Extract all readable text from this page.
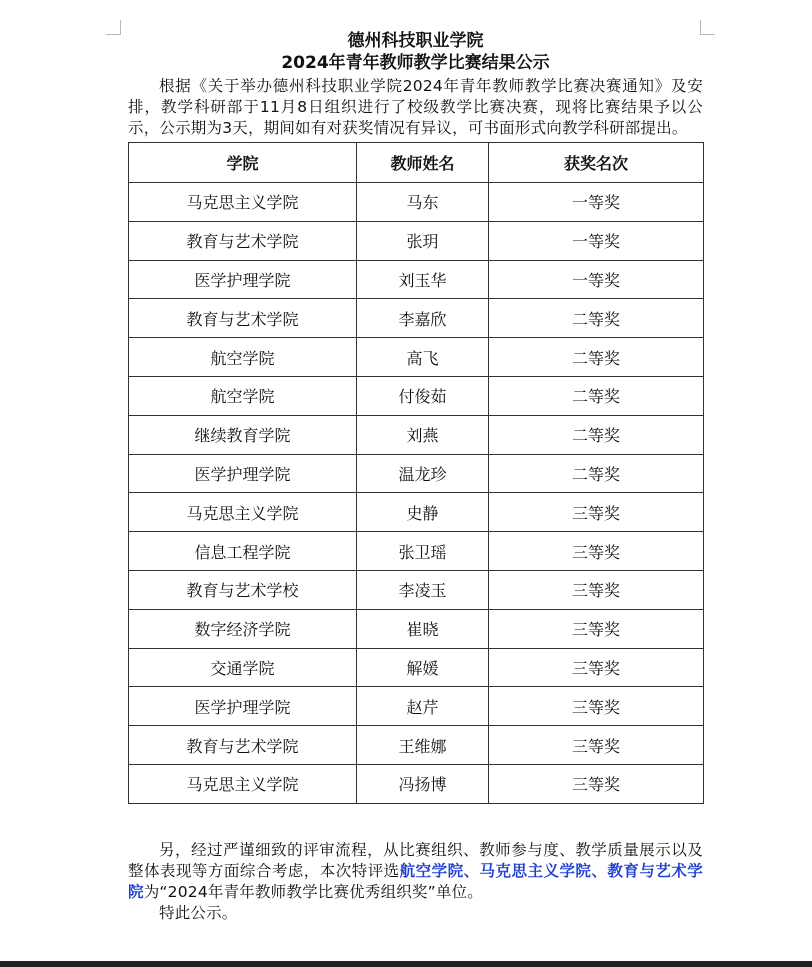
德州科技职业学院
2024年青年教师教学比赛结果公示

根据《关于举办德州科技职业学院2024年青年教师教学比赛决赛通知》及安排，教学科研部于11月8日组织进行了校级教学比赛决赛，现将比赛结果予以公示，公示期为3天，期间如有对获奖情况有异议，可书面形式向教学科研部提出。

学院	教师姓名	获奖名次
马克思主义学院	马东	一等奖
教育与艺术学院	张玥	一等奖
医学护理学院	刘玉华	一等奖
教育与艺术学院	李嘉欣	二等奖
航空学院	高飞	二等奖
航空学院	付俊茹	二等奖
继续教育学院	刘燕	二等奖
医学护理学院	温龙珍	二等奖
马克思主义学院	史静	三等奖
信息工程学院	张卫瑶	三等奖
教育与艺术学校	李凌玉	三等奖
数字经济学院	崔晓	三等奖
交通学院	解媛	三等奖
医学护理学院	赵芹	三等奖
教育与艺术学院	王维娜	三等奖
马克思主义学院	冯扬博	三等奖

另，经过严谨细致的评审流程，从比赛组织、教师参与度、教学质量展示以及整体表现等方面综合考虑，本次特评选航空学院、马克思主义学院、教育与艺术学院为“2024年青年教师教学比赛优秀组织奖”单位。

特此公示。
